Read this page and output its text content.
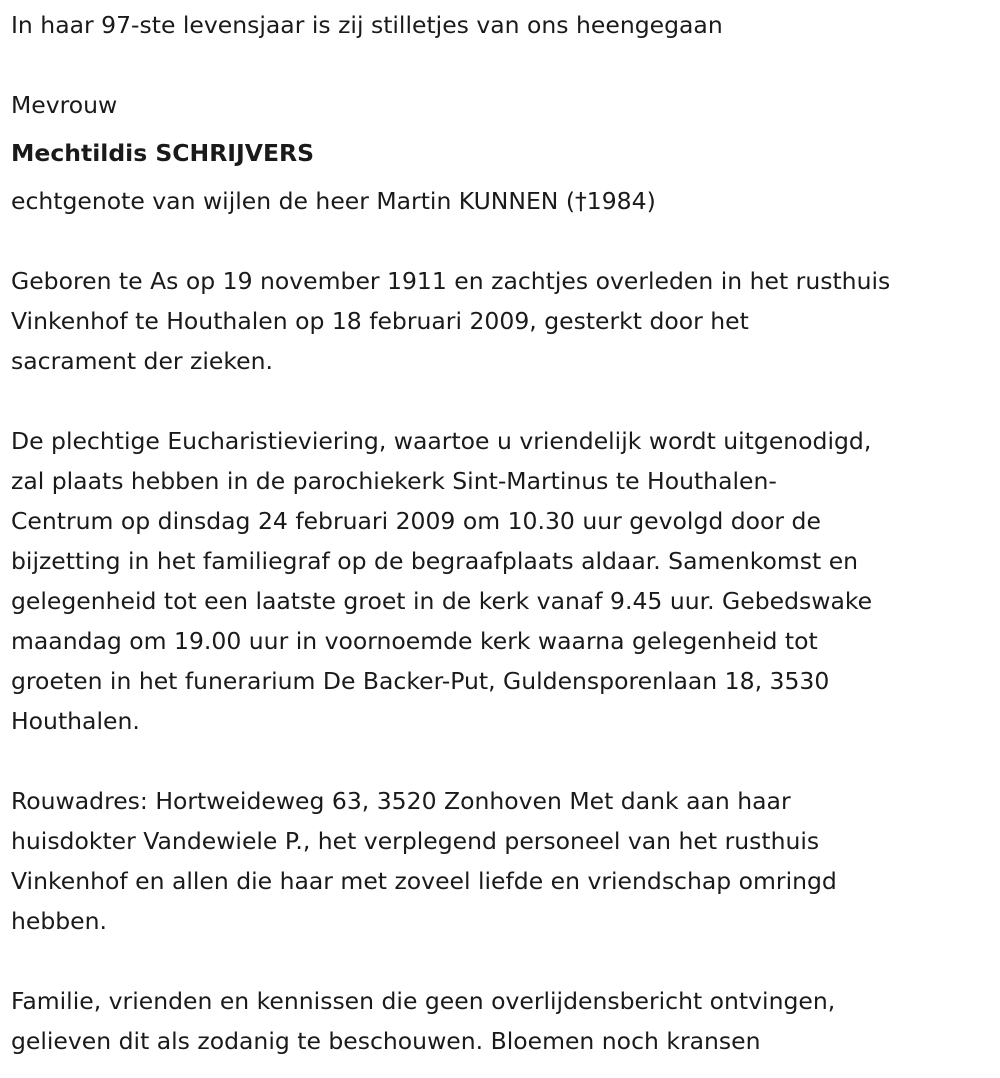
In haar 97-ste levensjaar is zij stilletjes van ons heengegaan
Mevrouw
Mechtildis SCHRIJVERS
echtgenote van wijlen de heer Martin KUNNEN (†1984)
Geboren te As op 19 november 1911 en zachtjes overleden in het rusthuis
Vinkenhof te Houthalen op 18 februari 2009, gesterkt door het
sacrament der zieken.
De plechtige Eucharistieviering, waartoe u vriendelijk wordt uitgenodigd,
zal plaats hebben in de parochiekerk Sint-Martinus te Houthalen-
Centrum op dinsdag 24 februari 2009 om 10.30 uur gevolgd door de
bijzetting in het familiegraf op de begraafplaats aldaar. Samenkomst en
gelegenheid tot een laatste groet in de kerk vanaf 9.45 uur. Gebedswake
maandag om 19.00 uur in voornoemde kerk waarna gelegenheid tot
groeten in het funerarium De Backer-Put, Guldensporenlaan 18, 3530
Houthalen.
Rouwadres: Hortweideweg 63, 3520 Zonhoven Met dank aan haar
huisdokter Vandewiele P., het verplegend personeel van het rusthuis
Vinkenhof en allen die haar met zoveel liefde en vriendschap omringd
hebben.
Familie, vrienden en kennissen die geen overlijdensbericht ontvingen,
gelieven dit als zodanig te beschouwen. Bloemen noch kransen
